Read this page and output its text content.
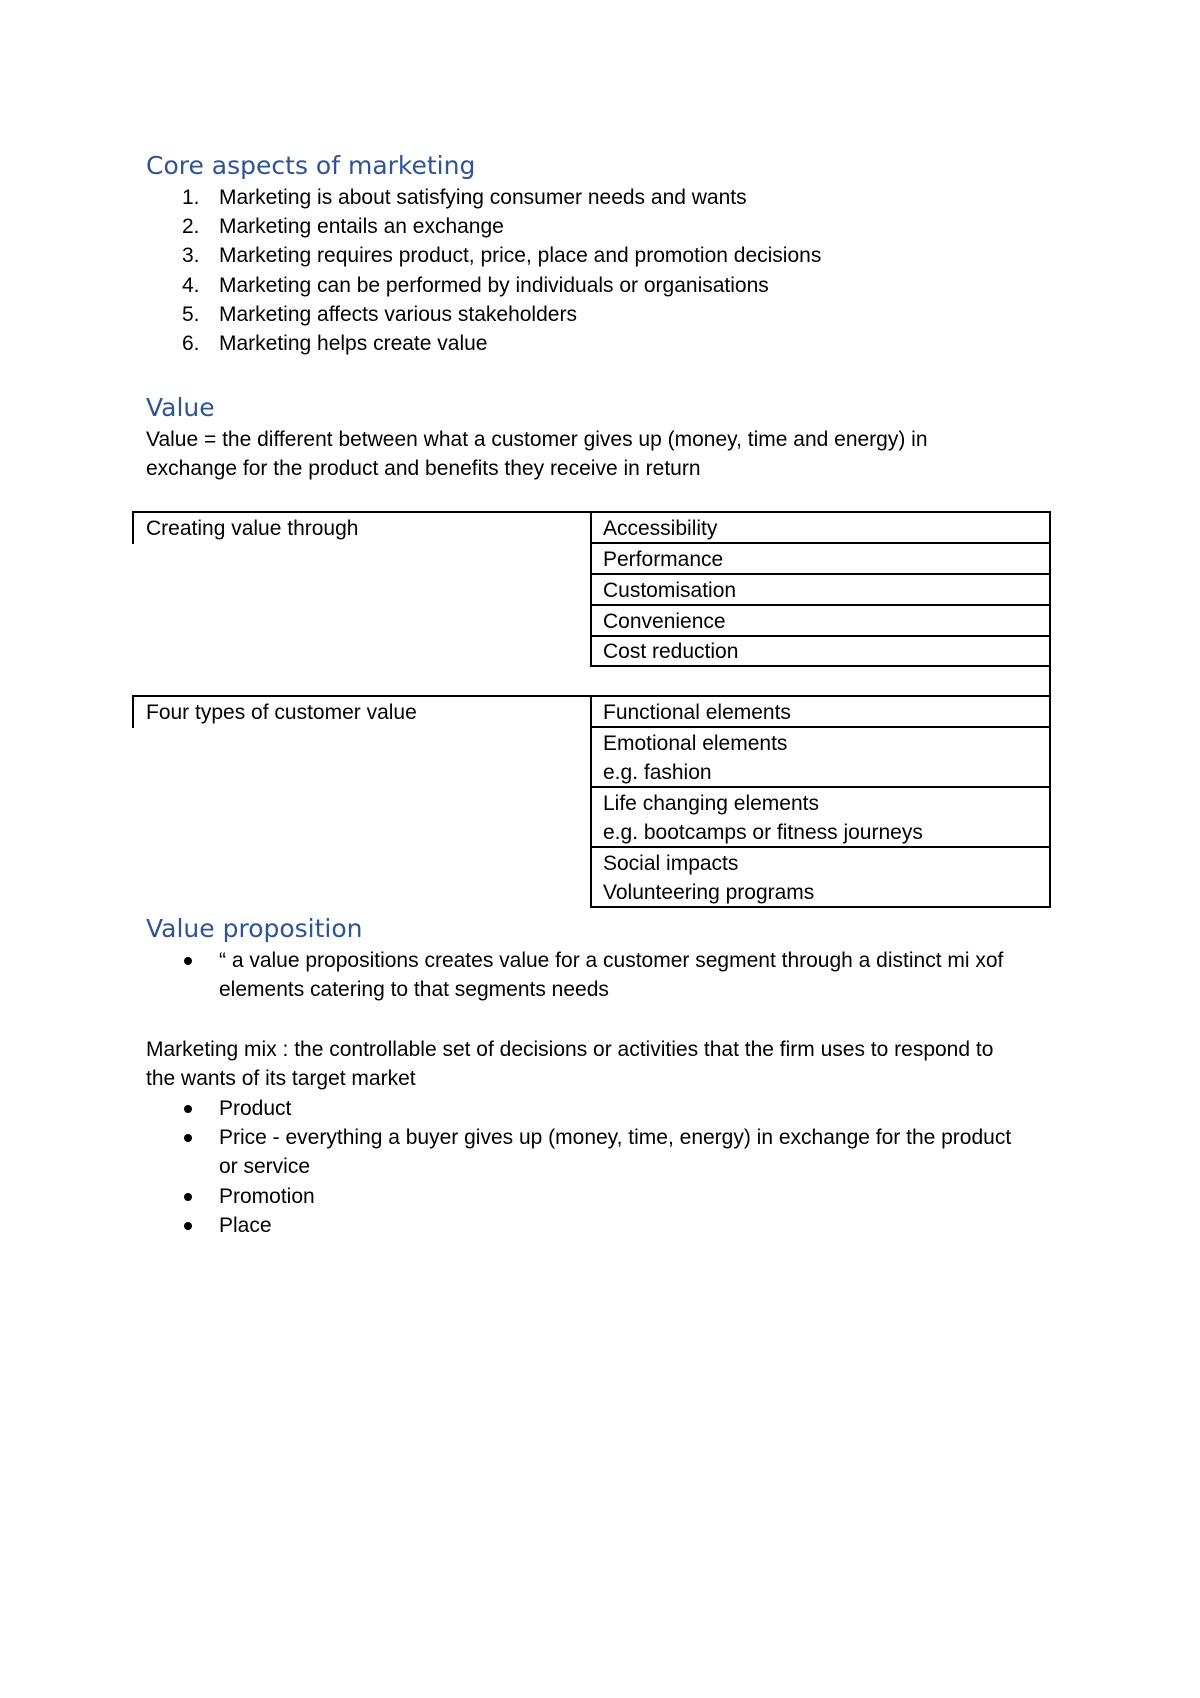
Core aspects of marketing
1. Marketing is about satisfying consumer needs and wants
2. Marketing entails an exchange
3. Marketing requires product, price, place and promotion decisions
4. Marketing can be performed by individuals or organisations
5. Marketing affects various stakeholders
6. Marketing helps create value
Value
Value = the different between what a customer gives up (money, time and energy) in
exchange for the product and benefits they receive in return
Creating value through	Accessibility
Performance
Customisation
Convenience
Cost reduction
Four types of customer value	Functional elements
Emotional elements
e.g. fashion
Life changing elements
e.g. bootcamps or fitness journeys
Social impacts
Volunteering programs
Value proposition
“ a value propositions creates value for a customer segment through a distinct mi xof
elements catering to that segments needs
Marketing mix : the controllable set of decisions or activities that the firm uses to respond to
the wants of its target market
Product
Price - everything a buyer gives up (money, time, energy) in exchange for the product
or service
Promotion
Place
